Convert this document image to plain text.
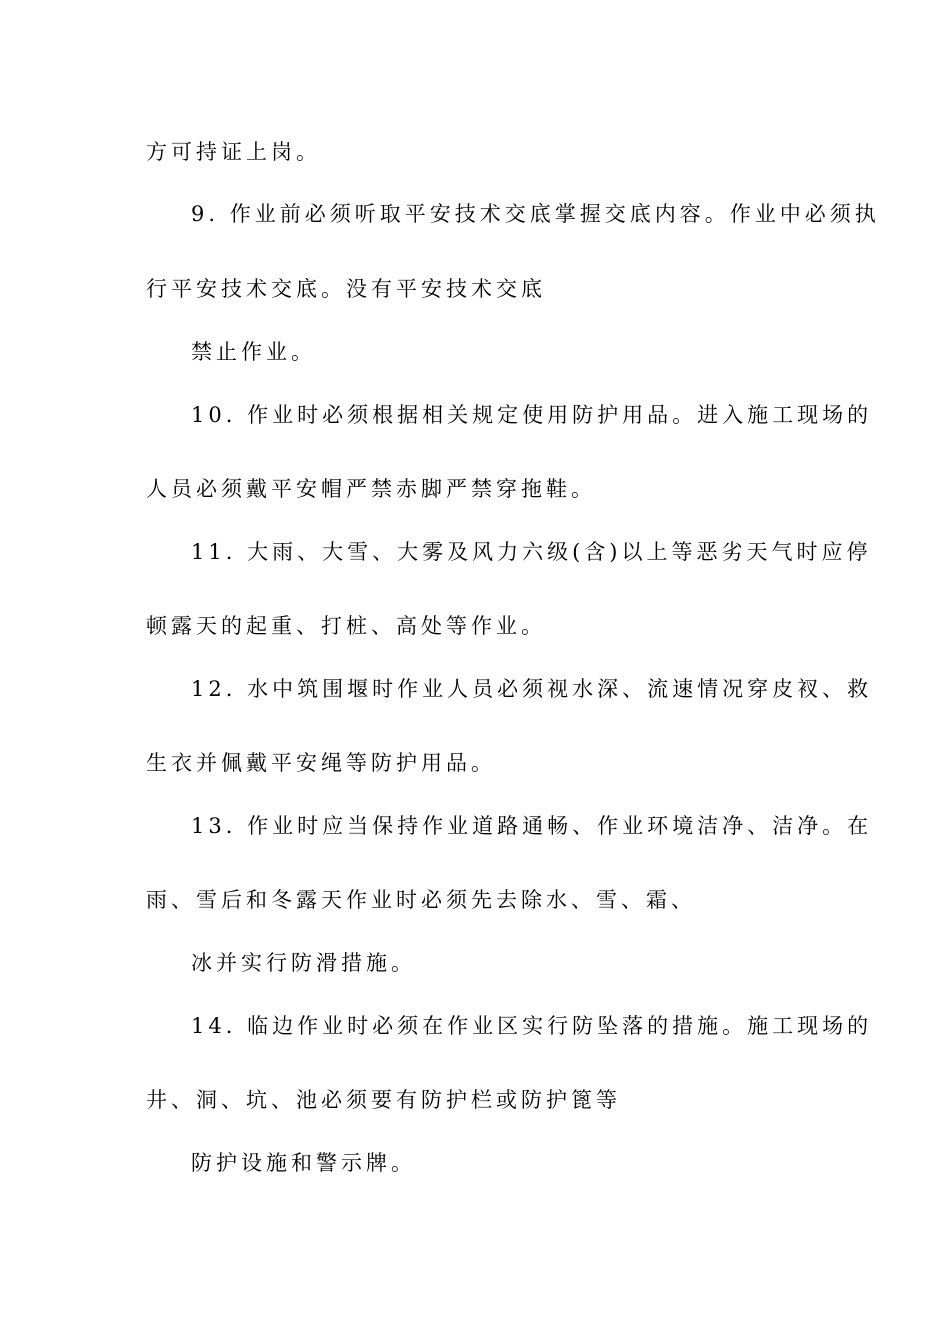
方可持证上岗。
9. 作业前必须听取平安技术交底掌握交底内容。作业中必须执
行平安技术交底。没有平安技术交底
禁止作业。
10. 作业时必须根据相关规定使用防护用品。进入施工现场的
人员必须戴平安帽严禁赤脚严禁穿拖鞋。
11. 大雨、大雪、大雾及风力六级(含)以上等恶劣天气时应停
顿露天的起重、打桩、高处等作业。
12. 水中筑围堰时作业人员必须视水深、流速情况穿皮衩、救
生衣并佩戴平安绳等防护用品。
13. 作业时应当保持作业道路通畅、作业环境洁净、洁净。在
雨、雪后和冬露天作业时必须先去除水、雪、霜、
冰并实行防滑措施。
14. 临边作业时必须在作业区实行防坠落的措施。施工现场的
井、洞、坑、池必须要有防护栏或防护篦等
防护设施和警示牌。
